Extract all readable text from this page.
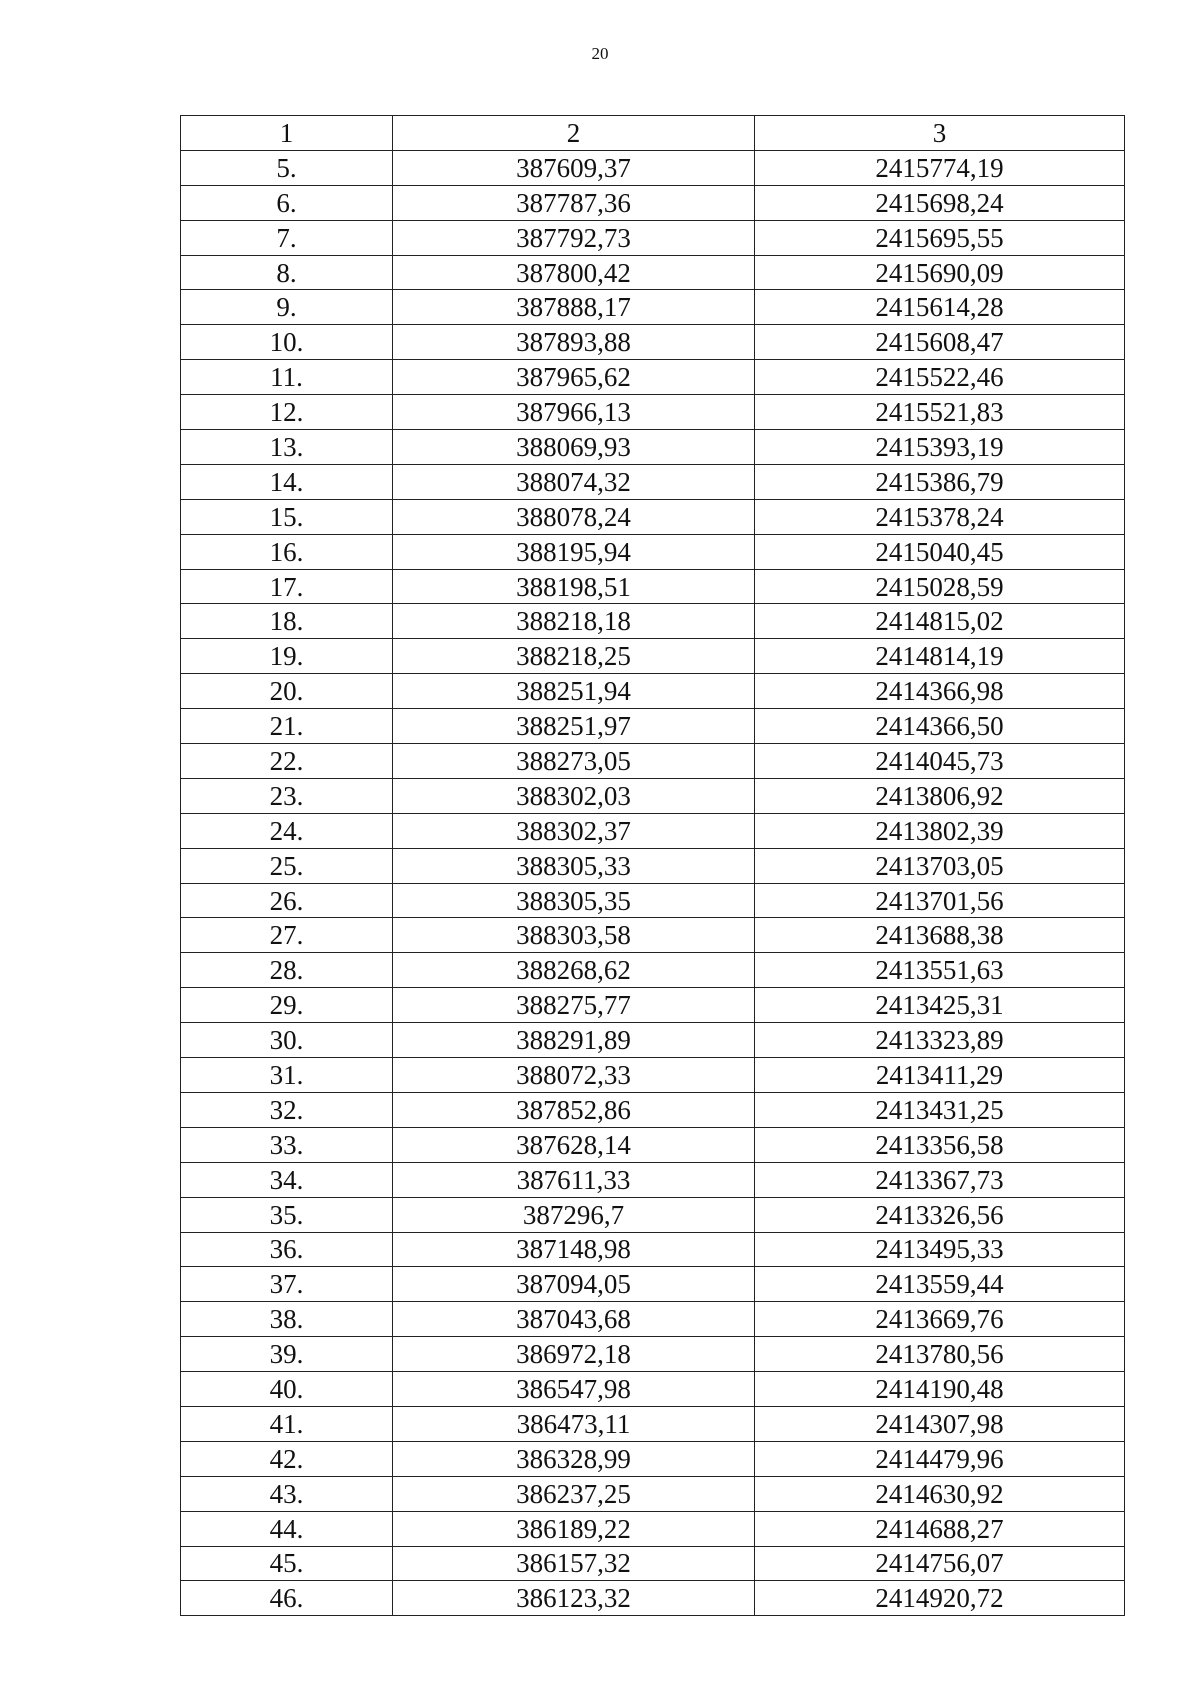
20
1	2	3
5.	387609,37	2415774,19
6.	387787,36	2415698,24
7.	387792,73	2415695,55
8.	387800,42	2415690,09
9.	387888,17	2415614,28
10.	387893,88	2415608,47
11.	387965,62	2415522,46
12.	387966,13	2415521,83
13.	388069,93	2415393,19
14.	388074,32	2415386,79
15.	388078,24	2415378,24
16.	388195,94	2415040,45
17.	388198,51	2415028,59
18.	388218,18	2414815,02
19.	388218,25	2414814,19
20.	388251,94	2414366,98
21.	388251,97	2414366,50
22.	388273,05	2414045,73
23.	388302,03	2413806,92
24.	388302,37	2413802,39
25.	388305,33	2413703,05
26.	388305,35	2413701,56
27.	388303,58	2413688,38
28.	388268,62	2413551,63
29.	388275,77	2413425,31
30.	388291,89	2413323,89
31.	388072,33	2413411,29
32.	387852,86	2413431,25
33.	387628,14	2413356,58
34.	387611,33	2413367,73
35.	387296,7	2413326,56
36.	387148,98	2413495,33
37.	387094,05	2413559,44
38.	387043,68	2413669,76
39.	386972,18	2413780,56
40.	386547,98	2414190,48
41.	386473,11	2414307,98
42.	386328,99	2414479,96
43.	386237,25	2414630,92
44.	386189,22	2414688,27
45.	386157,32	2414756,07
46.	386123,32	2414920,72
